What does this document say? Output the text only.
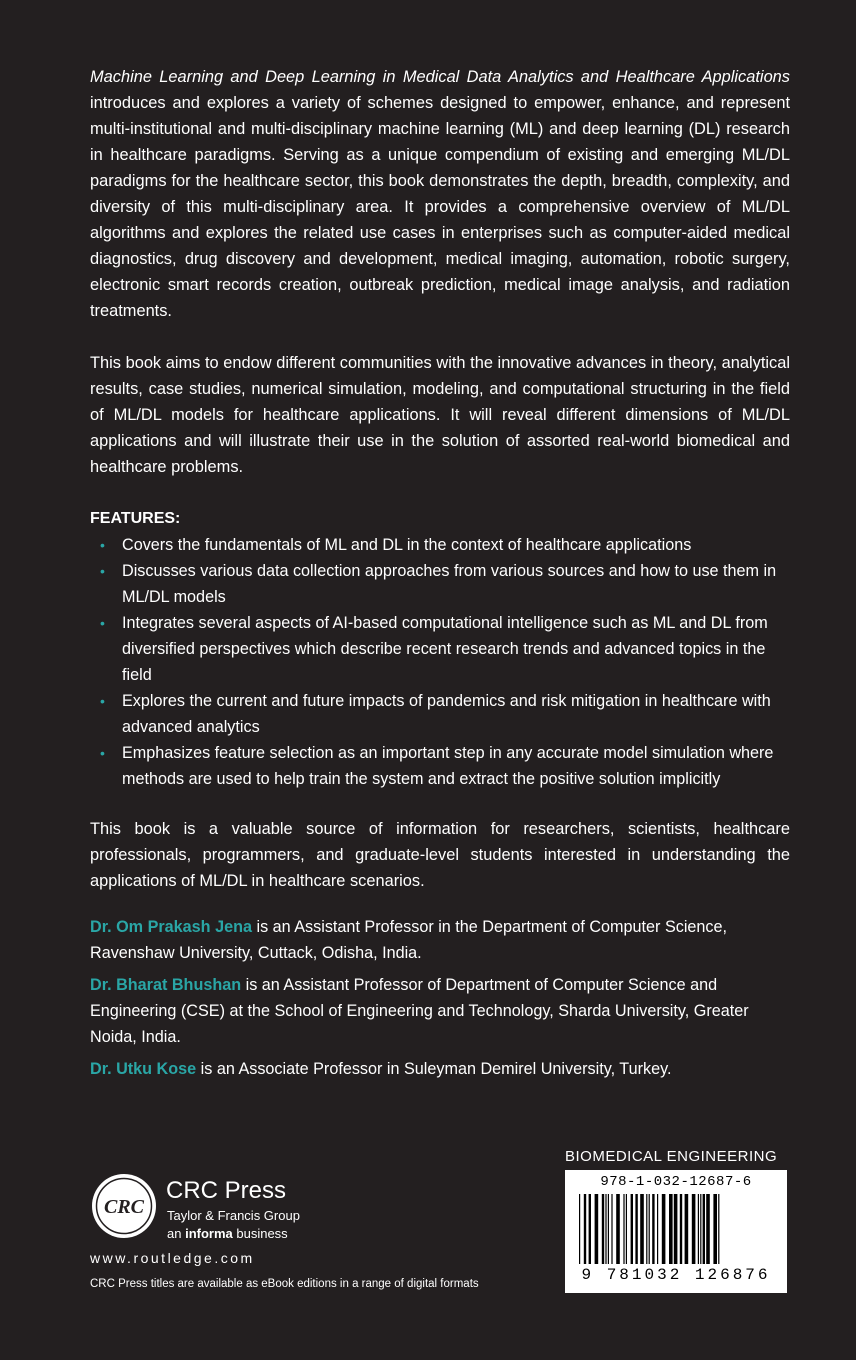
Machine Learning and Deep Learning in Medical Data Analytics and Healthcare Applications introduces and explores a variety of schemes designed to empower, enhance, and represent multi-institutional and multi-disciplinary machine learning (ML) and deep learning (DL) research in healthcare paradigms. Serving as a unique compendium of existing and emerging ML/DL paradigms for the healthcare sector, this book demonstrates the depth, breadth, complexity, and diversity of this multi-disciplinary area. It provides a comprehensive overview of ML/DL algorithms and explores the related use cases in enterprises such as computer-aided medical diagnostics, drug discovery and development, medical imaging, automation, robotic surgery, electronic smart records creation, outbreak prediction, medical image analysis, and radiation treatments.

This book aims to endow different communities with the innovative advances in theory, analytical results, case studies, numerical simulation, modeling, and computational structuring in the field of ML/DL models for healthcare applications. It will reveal different dimensions of ML/DL applications and will illustrate their use in the solution of assorted real-world biomedical and healthcare problems.

FEATURES:
• Covers the fundamentals of ML and DL in the context of healthcare applications
• Discusses various data collection approaches from various sources and how to use them in ML/DL models
• Integrates several aspects of AI-based computational intelligence such as ML and DL from diversified perspectives which describe recent research trends and advanced topics in the field
• Explores the current and future impacts of pandemics and risk mitigation in healthcare with advanced analytics
• Emphasizes feature selection as an important step in any accurate model simulation where methods are used to help train the system and extract the positive solution implicitly

This book is a valuable source of information for researchers, scientists, healthcare professionals, programmers, and graduate-level students interested in understanding the applications of ML/DL in healthcare scenarios.

Dr. Om Prakash Jena is an Assistant Professor in the Department of Computer Science, Ravenshaw University, Cuttack, Odisha, India.

Dr. Bharat Bhushan is an Assistant Professor of Department of Computer Science and Engineering (CSE) at the School of Engineering and Technology, Sharda University, Greater Noida, India.

Dr. Utku Kose is an Associate Professor in Suleyman Demirel University, Turkey.

CRC
CRC Press
Taylor & Francis Group
an informa business
www.routledge.com
CRC Press titles are available as eBook editions in a range of digital formats
BIOMEDICAL ENGINEERING
978-1-032-12687-6
9 781032 126876
